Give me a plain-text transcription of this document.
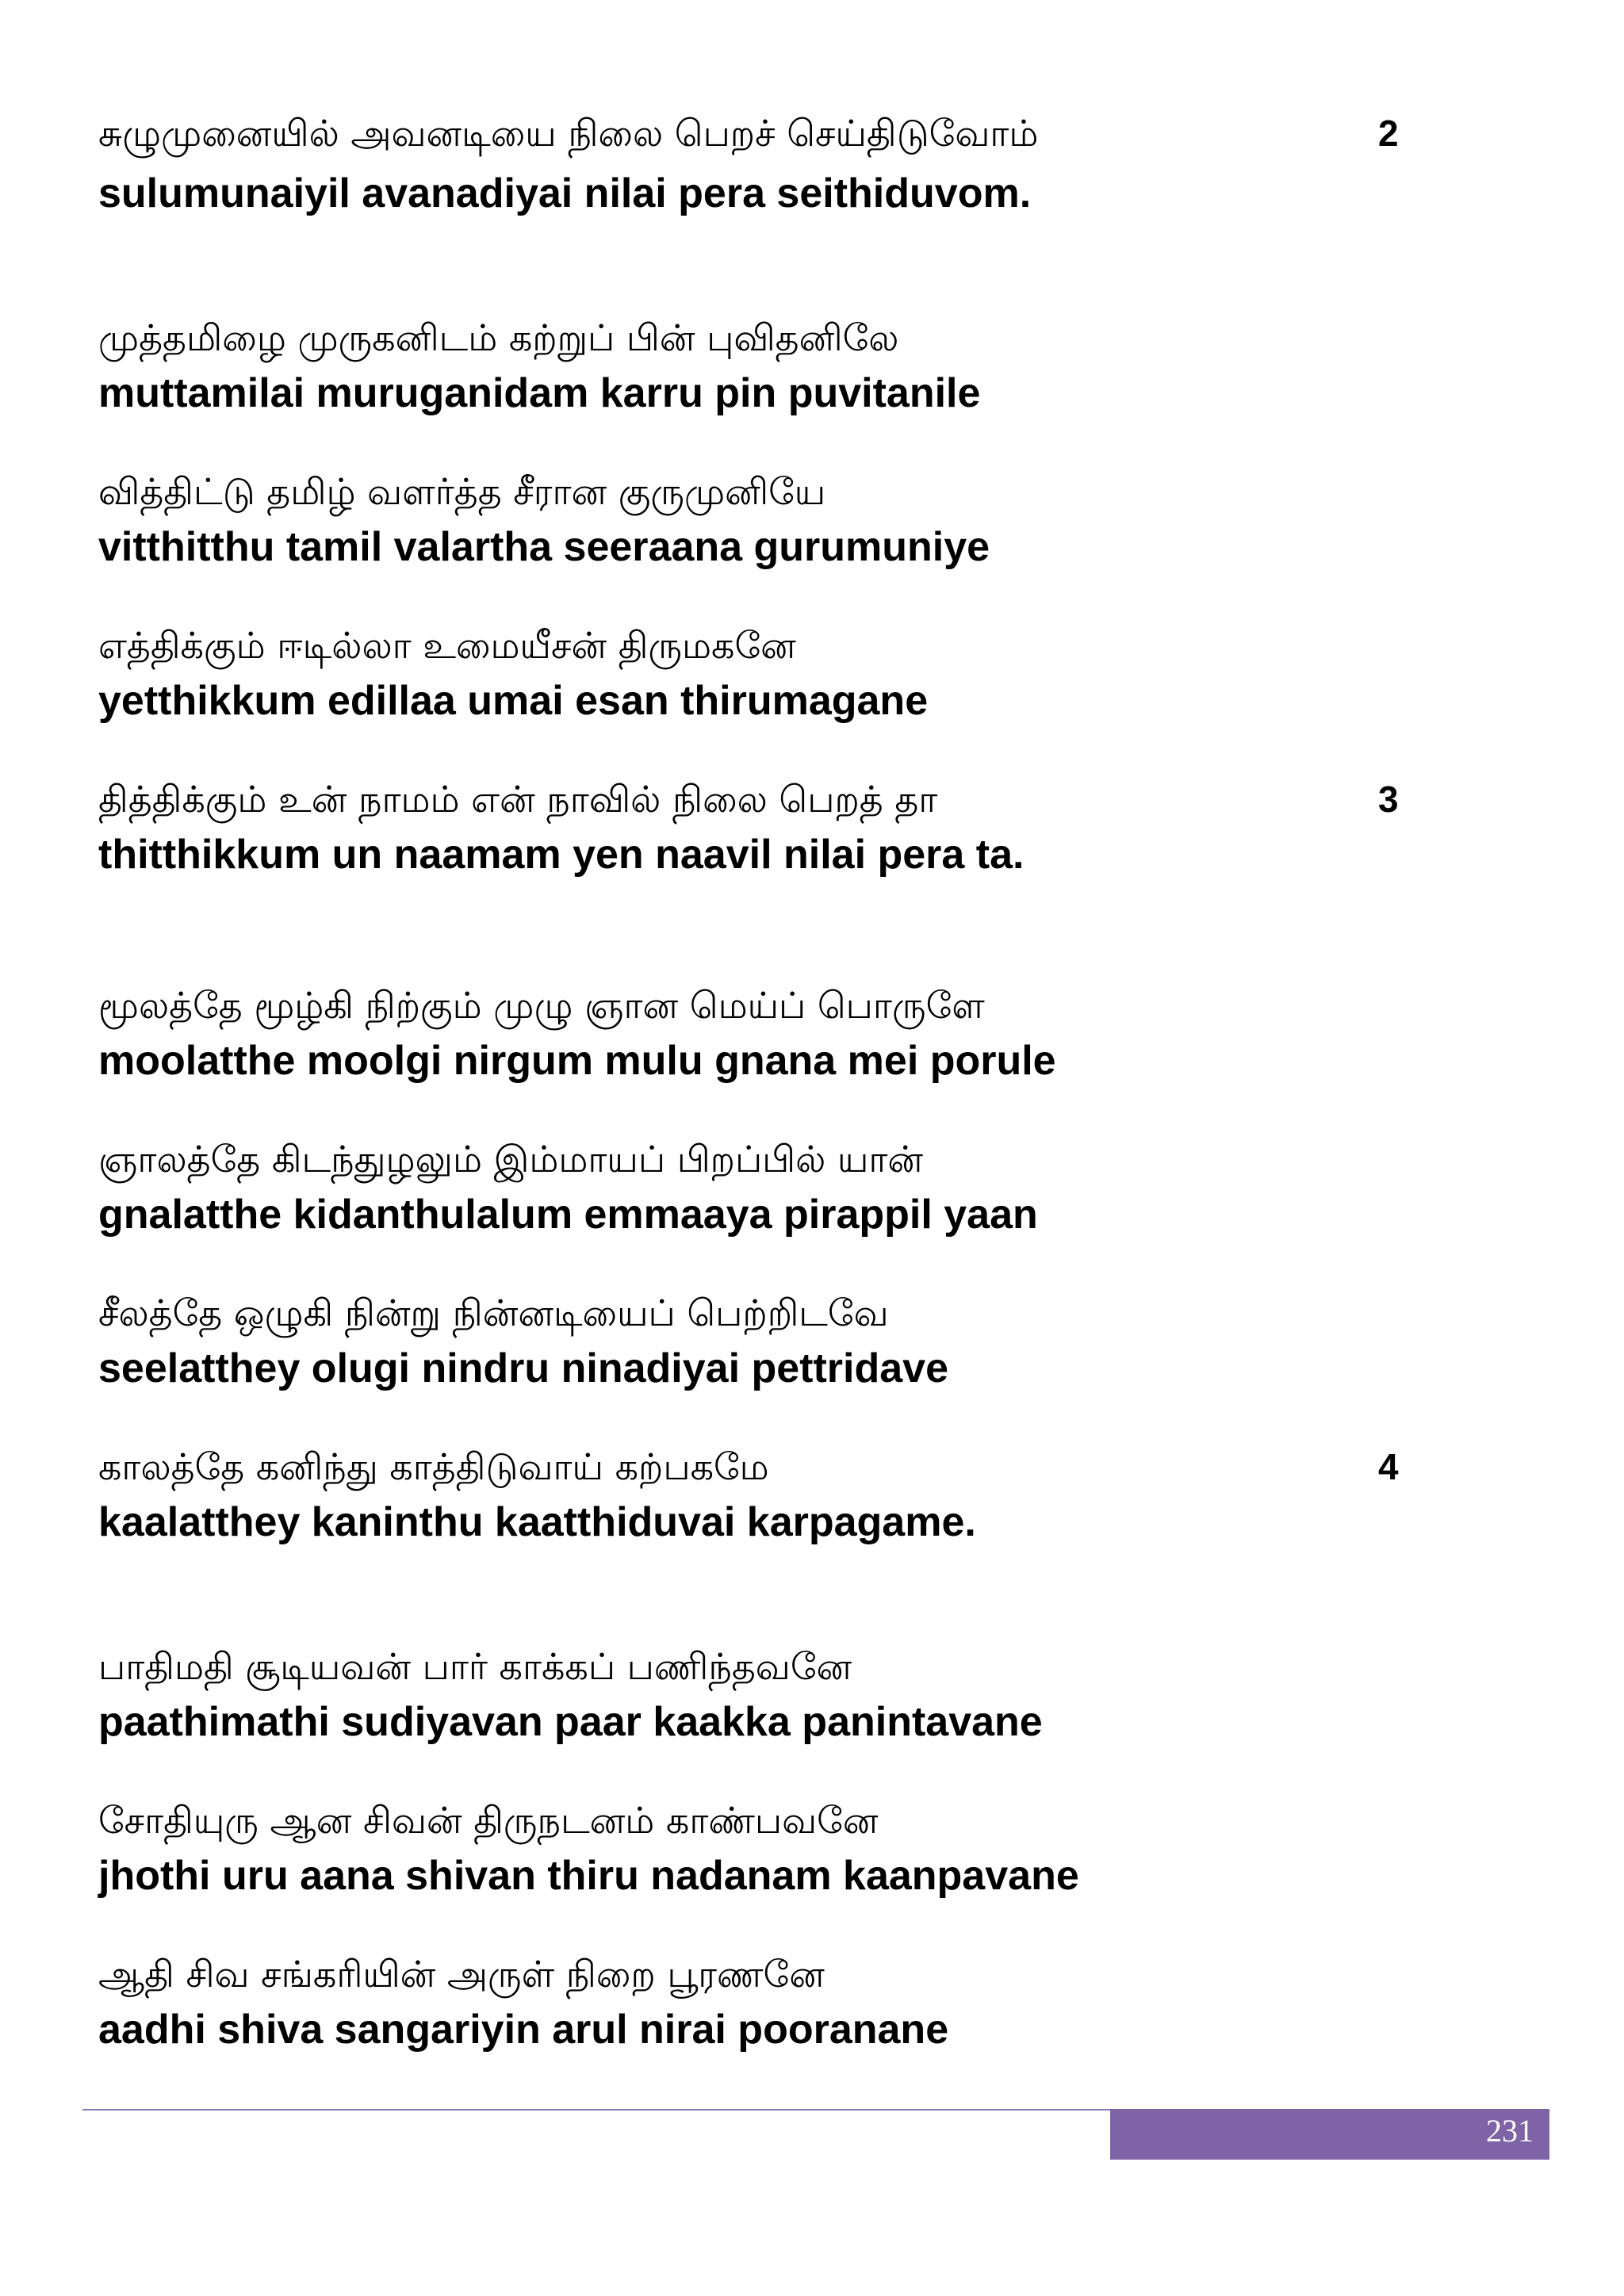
சுழுமுனையில் அவனடியை நிலை பெறச் செய்திடுவோம்	2
sulumunaiyil avanadiyai nilai pera seithiduvom.
முத்தமிழை முருகனிடம் கற்றுப் பின் புவிதனிலே
muttamilai muruganidam karru pin puvitanile
வித்திட்டு தமிழ் வளர்த்த சீரான குருமுனியே
vitthitthu tamil valartha seeraana gurumuniye
எத்திக்கும் ஈடில்லா உமையீசன் திருமகனே
yetthikkum edillaa umai esan thirumagane
தித்திக்கும் உன் நாமம் என் நாவில் நிலை பெறத் தா	3
thitthikkum un naamam yen naavil nilai pera ta.
மூலத்தே மூழ்கி நிற்கும் முழு ஞான மெய்ப் பொருளே
moolatthe moolgi nirgum mulu gnana mei porule
ஞாலத்தே கிடந்துழலும் இம்மாயப் பிறப்பில் யான்
gnalatthe kidanthulalum emmaaya pirappil yaan
சீலத்தே ஒழுகி நின்று நின்னடியைப் பெற்றிடவே
seelatthey olugi nindru ninadiyai pettridave
காலத்தே கனிந்து காத்திடுவாய் கற்பகமே	4
kaalatthey kaninthu kaatthiduvai karpagame.
பாதிமதி சூடியவன் பார் காக்கப் பணிந்தவனே
paathimathi sudiyavan paar kaakka panintavane
சோதியுரு ஆன சிவன் திருநடனம் காண்பவனே
jhothi uru aana shivan thiru nadanam kaanpavane
ஆதி சிவ சங்கரியின் அருள் நிறை பூரணனே
aadhi shiva sangariyin arul nirai pooranane
231
